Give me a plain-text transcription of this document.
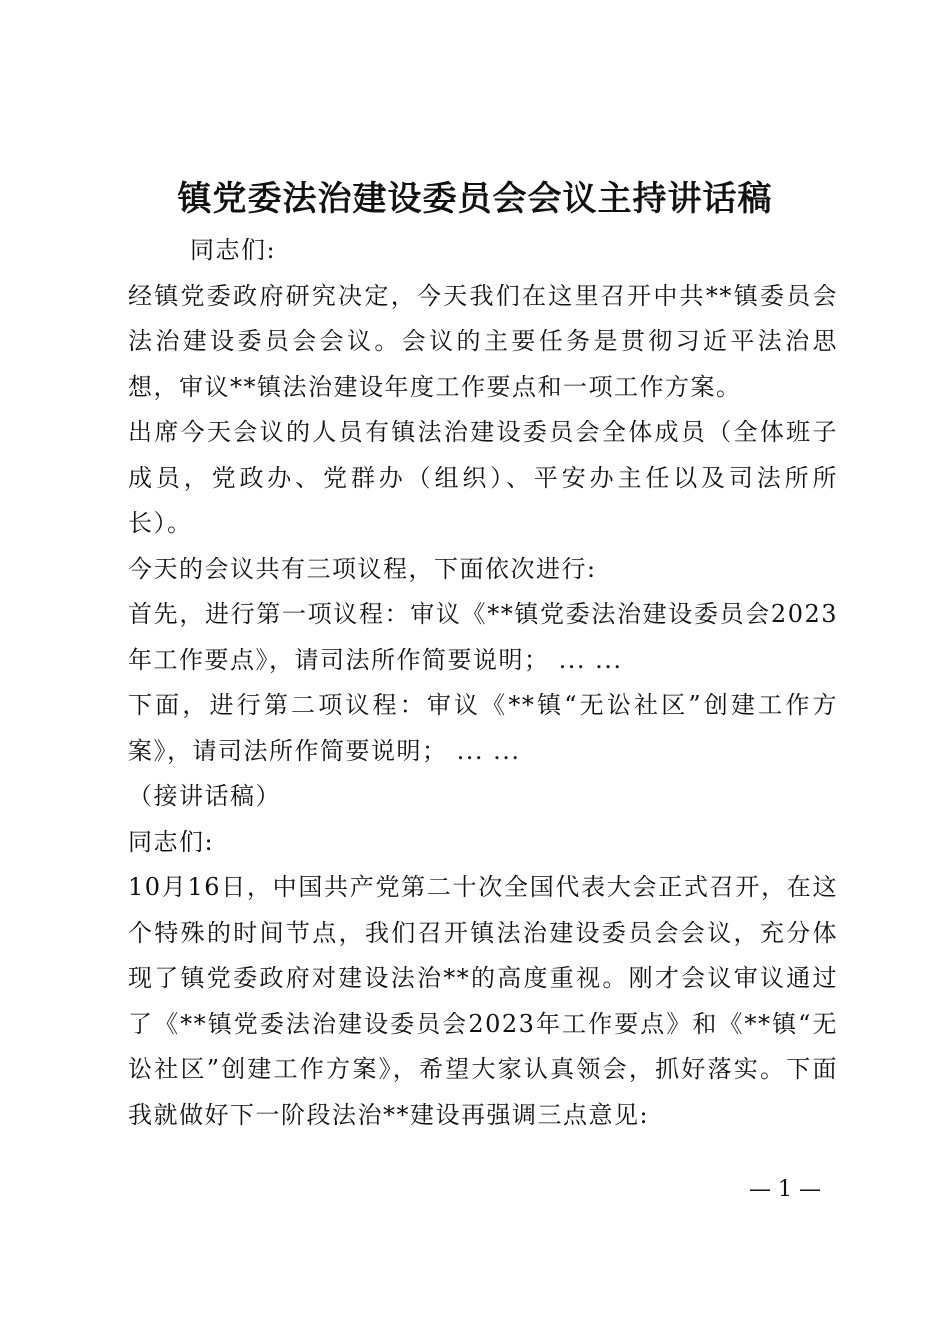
镇党委法治建设委员会会议主持讲话稿

同志们:

经镇党委政府研究决定，今天我们在这里召开中共**镇委员会法治建设委员会会议。会议的主要任务是贯彻习近平法治思想，审议**镇法治建设年度工作要点和一项工作方案。

出席今天会议的人员有镇法治建设委员会全体成员（全体班子成员，党政办、党群办（组织）、平安办主任以及司法所所长）。

今天的会议共有三项议程，下面依次进行:

首先，进行第一项议程：审议《**镇党委法治建设委员会2023年工作要点》，请司法所作简要说明； ... ...

下面，进行第二项议程：审议《**镇“无讼社区”创建工作方案》，请司法所作简要说明； ... ...

（接讲话稿）

同志们:

10月16日，中国共产党第二十次全国代表大会正式召开，在这个特殊的时间节点，我们召开镇法治建设委员会会议，充分体现了镇党委政府对建设法治**的高度重视。刚才会议审议通过了《**镇党委法治建设委员会2023年工作要点》和《**镇“无讼社区”创建工作方案》，希望大家认真领会，抓好落实。下面我就做好下一阶段法治**建设再强调三点意见:

— 1 —
